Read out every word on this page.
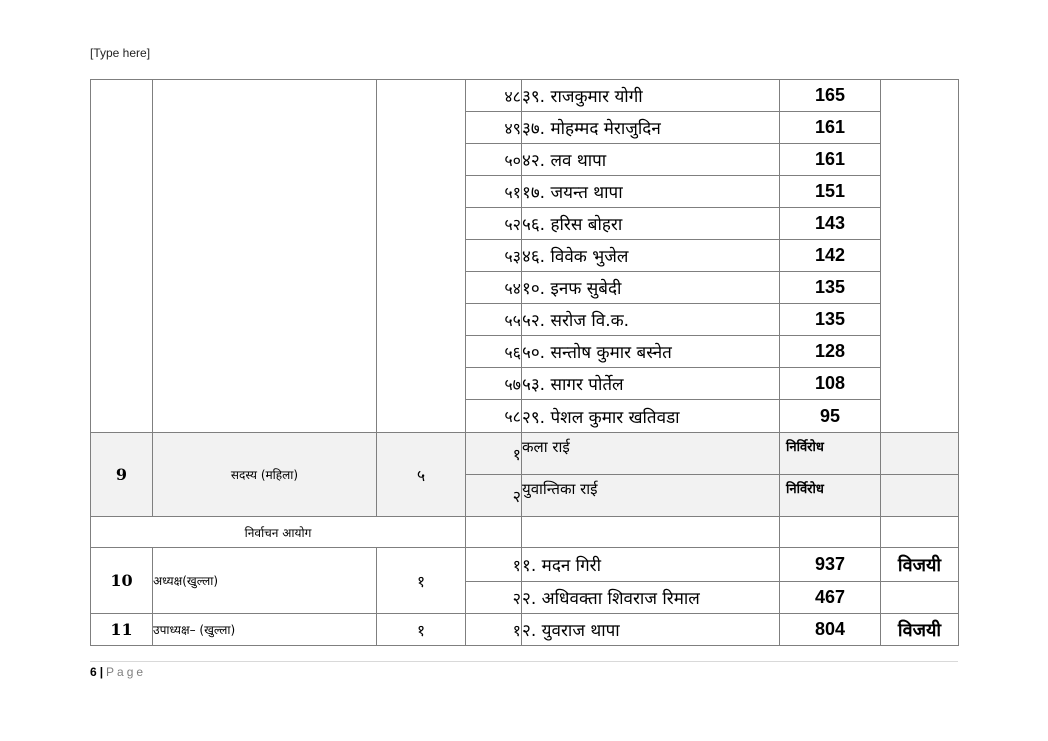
[Type here]
			४८	३९. राजकुमार योगी	165	
			४९	३७. मोहम्मद मेराजुदिन	161	
			५०	४२. लव थापा	161	
			५१	१७. जयन्त थापा	151	
			५२	५६. हरिस बोहरा	143	
			५३	४६. विवेक भुजेल	142	
			५४	१०. इनफ सुबेदी	135	
			५५	५२. सरोज वि.क.	135	
			५६	५०. सन्तोष कुमार बस्नेत	128	
			५७	५३. सागर पोर्तेल	108	
			५८	२९. पेशल कुमार खतिवडा	95	
9	सदस्य (महिला)	५	१	कला राई	निर्विरोध	
			२	युवान्तिका राई	निर्विरोध	
निर्वाचन आयोग						
10	अध्यक्ष(खुल्ला)	१	१	१. मदन गिरी	937	विजयी
			२	२. अधिवक्ता शिवराज रिमाल	467	
11	उपाध्यक्ष– (खुल्ला)	१	१	२. युवराज थापा	804	विजयी
6 | Page
